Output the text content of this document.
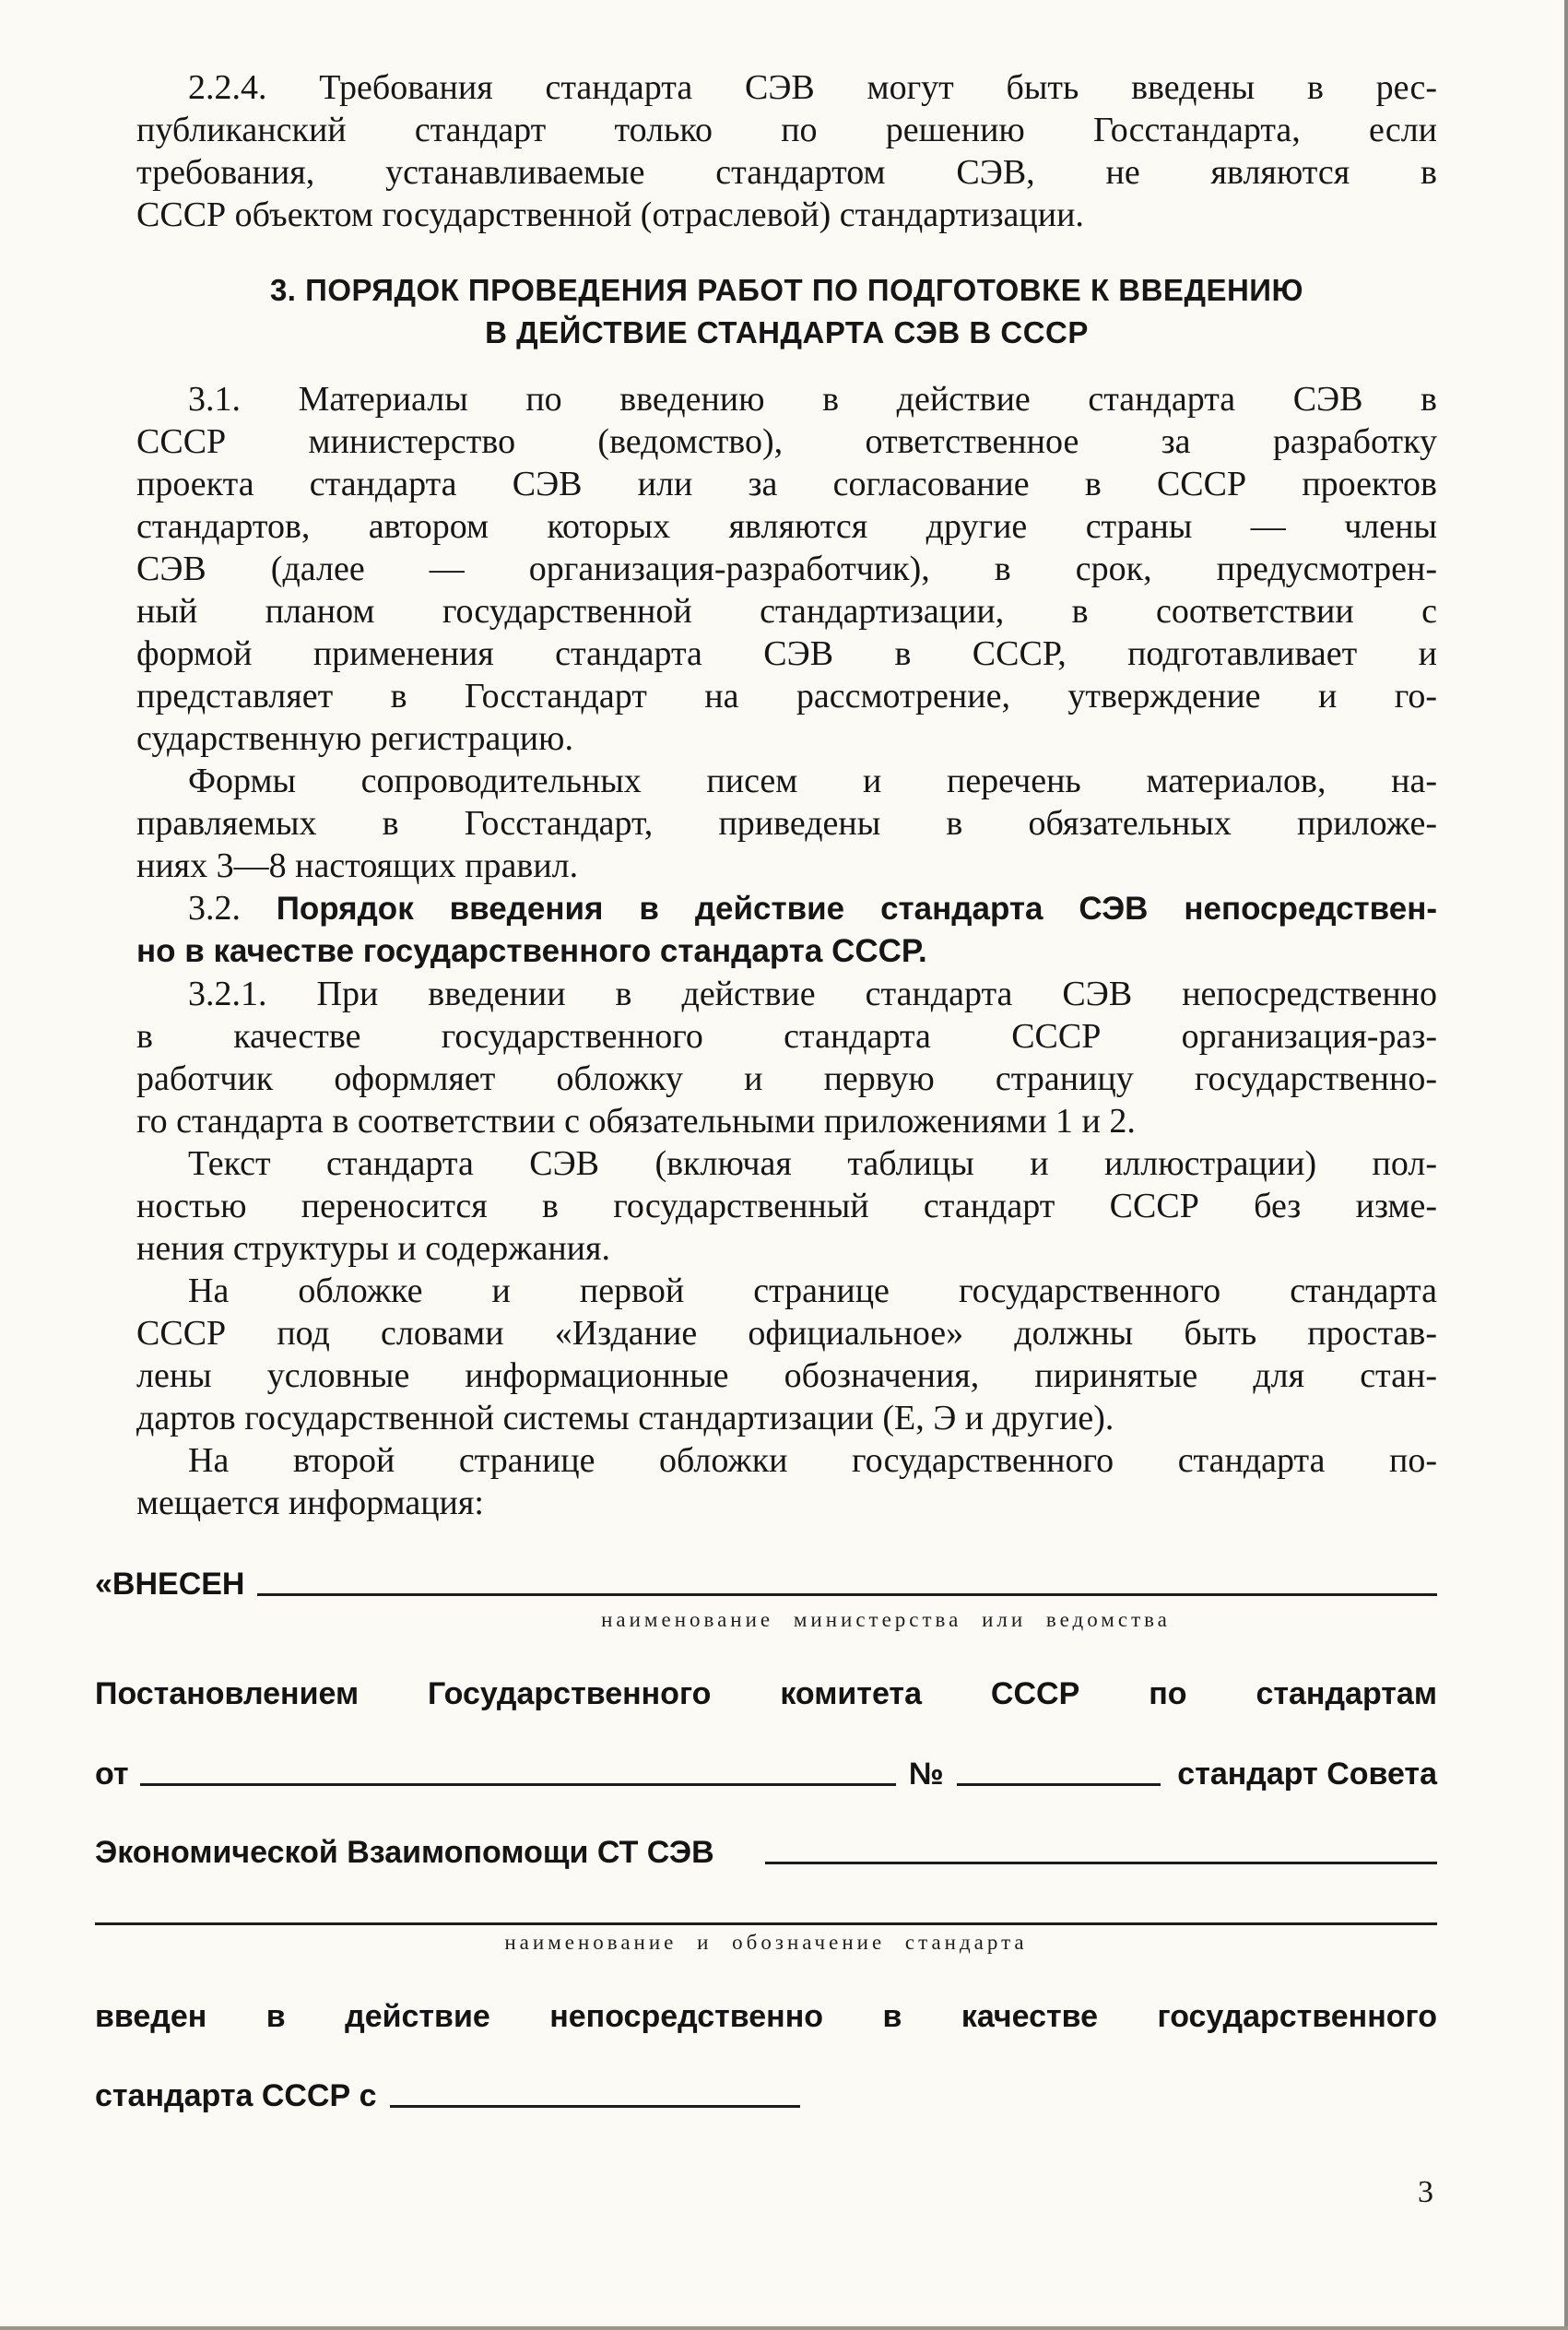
2.2.4. Требования стандарта СЭВ могут быть введены в рес-
публиканский стандарт только по решению Госстандарта, если
требования, устанавливаемые стандартом СЭВ, не являются в
СССР объектом государственной (отраслевой) стандартизации.
3. ПОРЯДОК ПРОВЕДЕНИЯ РАБОТ ПО ПОДГОТОВКЕ К ВВЕДЕНИЮ
В ДЕЙСТВИЕ СТАНДАРТА СЭВ В СССР
3.1. Материалы по введению в действие стандарта СЭВ в
СССР министерство (ведомство), ответственное за разработку
проекта стандарта СЭВ или за согласование в СССР проектов
стандартов, автором которых являются другие страны — члены
СЭВ (далее — организация-разработчик), в срок, предусмотрен-
ный планом государственной стандартизации, в соответствии с
формой применения стандарта СЭВ в СССР, подготавливает и
представляет в Госстандарт на рассмотрение, утверждение и го-
сударственную регистрацию.
Формы сопроводительных писем и перечень материалов, на-
правляемых в Госстандарт, приведены в обязательных приложе-
ниях 3—8 настоящих правил.
3.2. Порядок введения в действие стандарта СЭВ непосредствен-
но в качестве государственного стандарта СССР.
3.2.1. При введении в действие стандарта СЭВ непосредственно
в качестве государственного стандарта СССР организация-раз-
работчик оформляет обложку и первую страницу государственно-
го стандарта в соответствии с обязательными приложениями 1 и 2.
Текст стандарта СЭВ (включая таблицы и иллюстрации) пол-
ностью переносится в государственный стандарт СССР без изме-
нения структуры и содержания.
На обложке и первой странице государственного стандарта
СССР под словами «Издание официальное» должны быть простав-
лены условные информационные обозначения, пиринятые для стан-
дартов государственной системы стандартизации (Е, Э и другие).
На второй странице обложки государственного стандарта по-
мещается информация:
«ВНЕСЕН
наименование министерства или ведомства
Постановлением Государственного комитета СССР по стандартам
от	№	стандарт Совета
Экономической Взаимопомощи СТ СЭВ
наименование и обозначение стандарта
введен в действие непосредственно в качестве государственного
стандарта СССР с
3
